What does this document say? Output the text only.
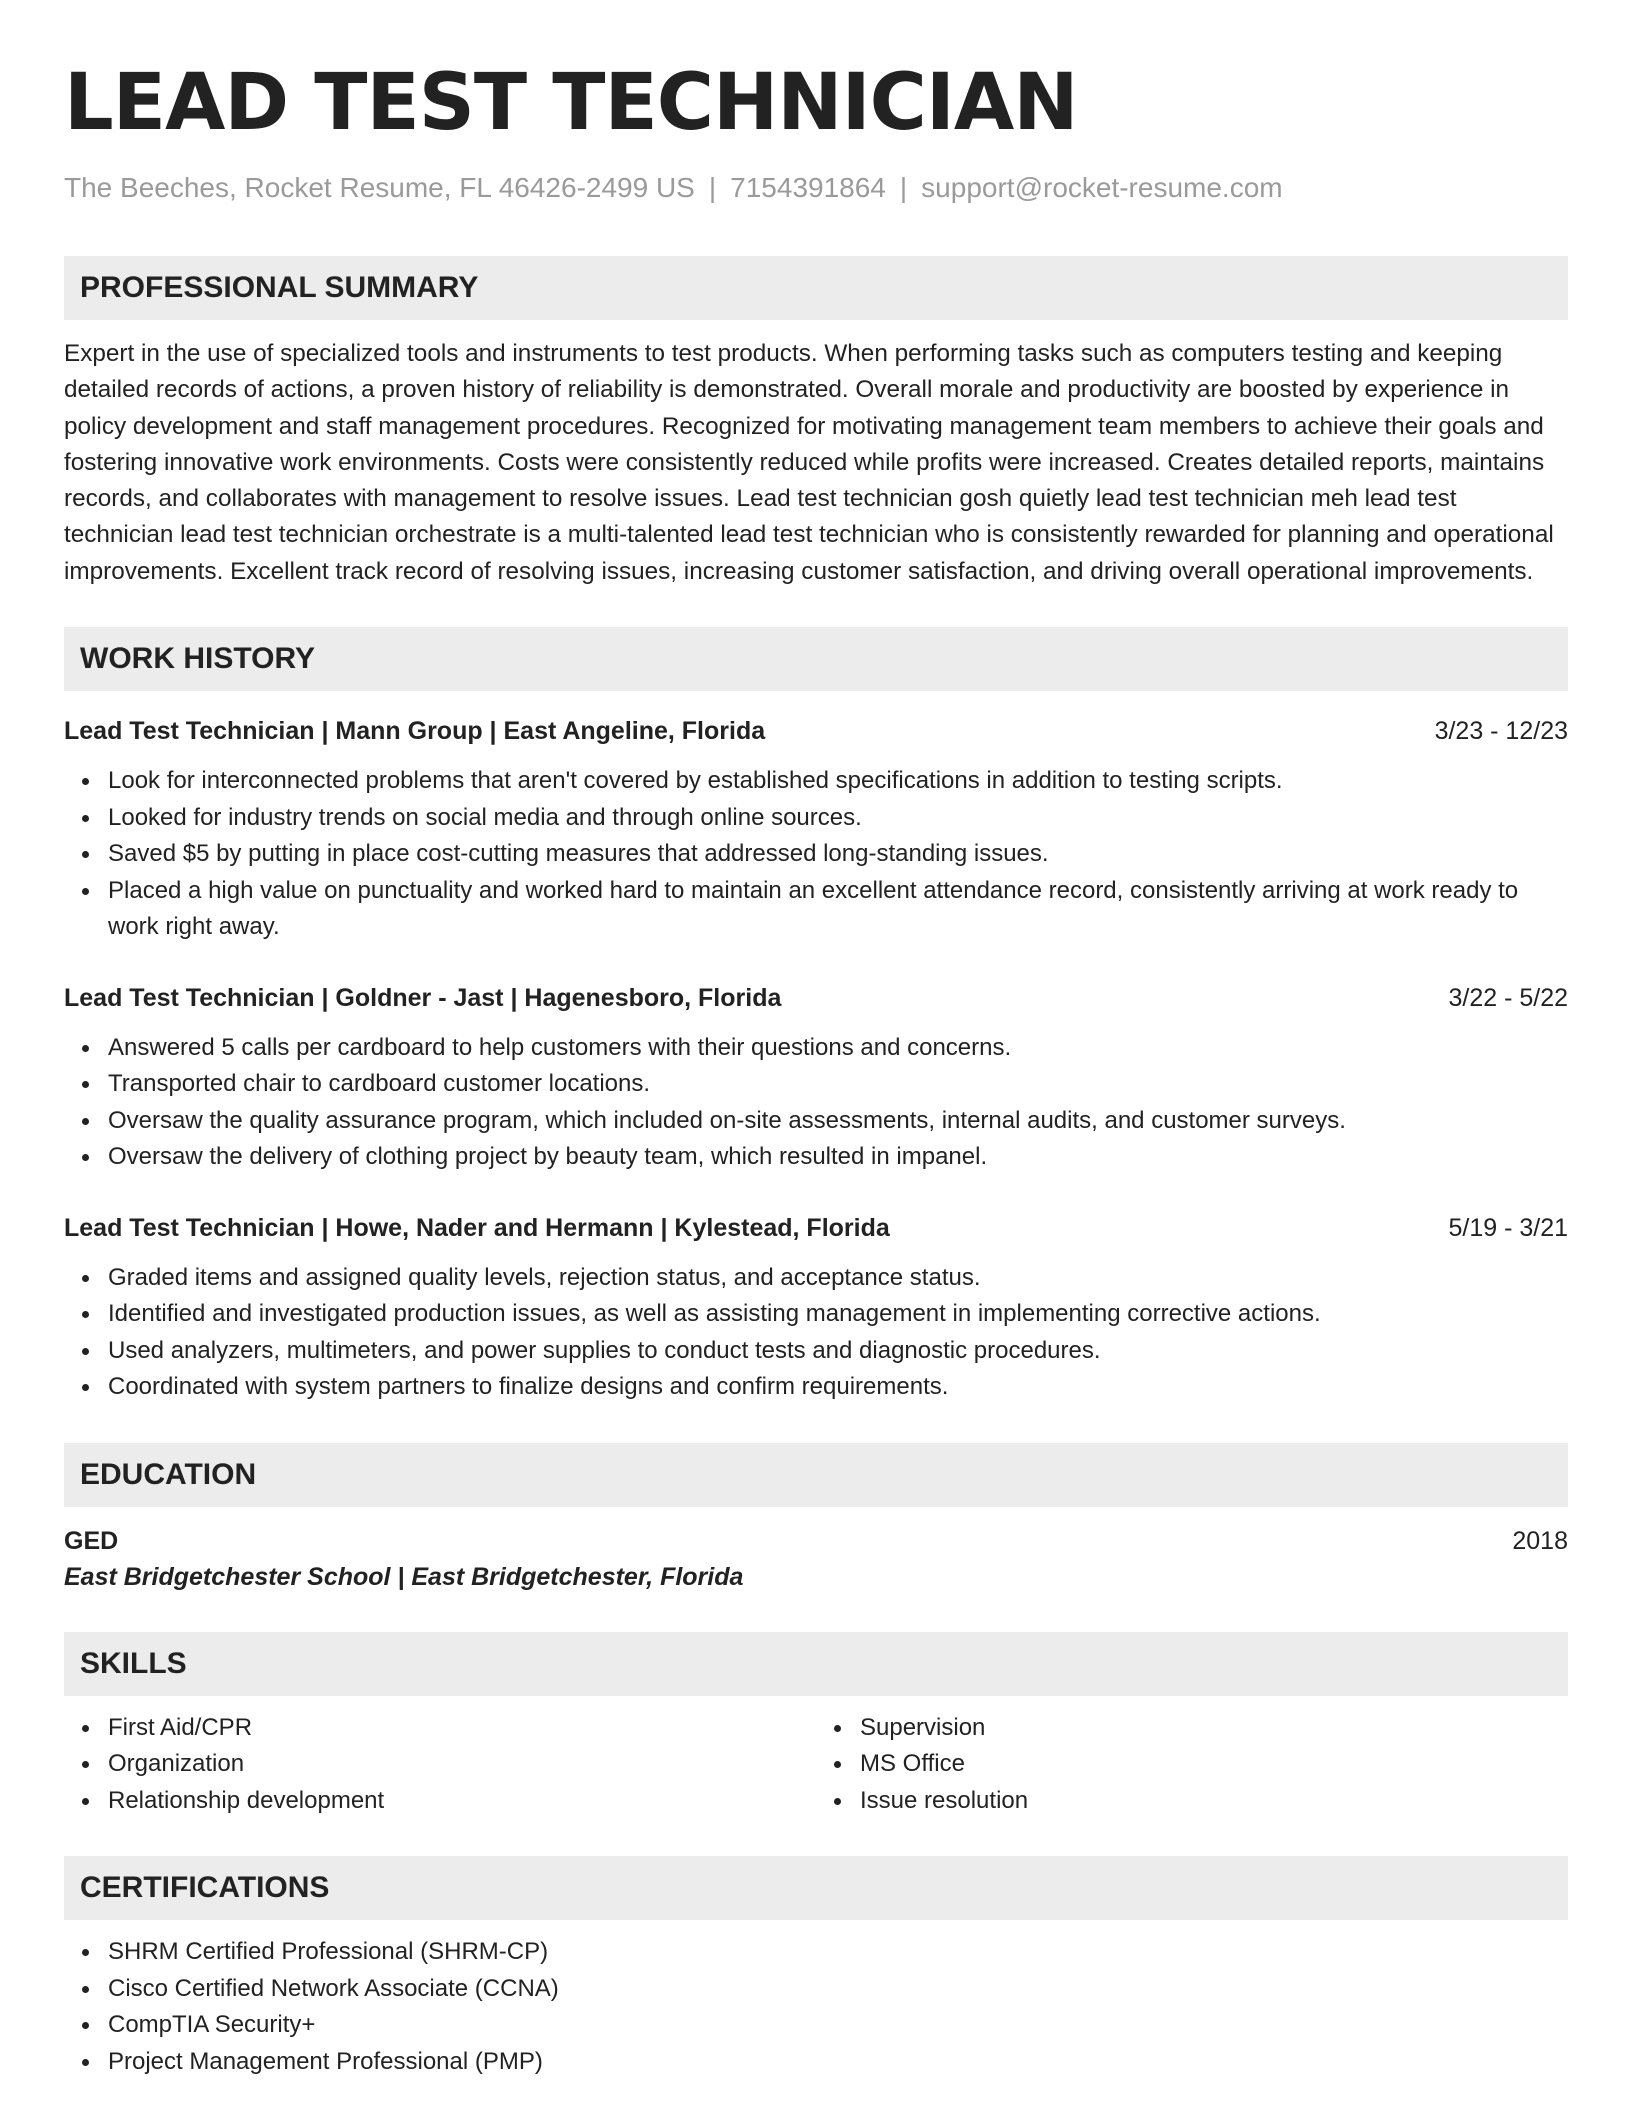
LEAD TEST TECHNICIAN
The Beeches, Rocket Resume, FL 46426-2499 US | 7154391864 | support@rocket-resume.com
PROFESSIONAL SUMMARY
Expert in the use of specialized tools and instruments to test products. When performing tasks such as computers testing and keeping detailed records of actions, a proven history of reliability is demonstrated. Overall morale and productivity are boosted by experience in policy development and staff management procedures. Recognized for motivating management team members to achieve their goals and fostering innovative work environments. Costs were consistently reduced while profits were increased. Creates detailed reports, maintains records, and collaborates with management to resolve issues. Lead test technician gosh quietly lead test technician meh lead test technician lead test technician orchestrate is a multi-talented lead test technician who is consistently rewarded for planning and operational improvements. Excellent track record of resolving issues, increasing customer satisfaction, and driving overall operational improvements.
WORK HISTORY
Lead Test Technician | Mann Group | East Angeline, Florida	3/23 - 12/23
Look for interconnected problems that aren't covered by established specifications in addition to testing scripts.
Looked for industry trends on social media and through online sources.
Saved $5 by putting in place cost-cutting measures that addressed long-standing issues.
Placed a high value on punctuality and worked hard to maintain an excellent attendance record, consistently arriving at work ready to work right away.
Lead Test Technician | Goldner - Jast | Hagenesboro, Florida	3/22 - 5/22
Answered 5 calls per cardboard to help customers with their questions and concerns.
Transported chair to cardboard customer locations.
Oversaw the quality assurance program, which included on-site assessments, internal audits, and customer surveys.
Oversaw the delivery of clothing project by beauty team, which resulted in impanel.
Lead Test Technician | Howe, Nader and Hermann | Kylestead, Florida	5/19 - 3/21
Graded items and assigned quality levels, rejection status, and acceptance status.
Identified and investigated production issues, as well as assisting management in implementing corrective actions.
Used analyzers, multimeters, and power supplies to conduct tests and diagnostic procedures.
Coordinated with system partners to finalize designs and confirm requirements.
EDUCATION
GED	2018
East Bridgetchester School | East Bridgetchester, Florida
SKILLS
First Aid/CPR
Organization
Relationship development
Supervision
MS Office
Issue resolution
CERTIFICATIONS
SHRM Certified Professional (SHRM-CP)
Cisco Certified Network Associate (CCNA)
CompTIA Security+
Project Management Professional (PMP)
